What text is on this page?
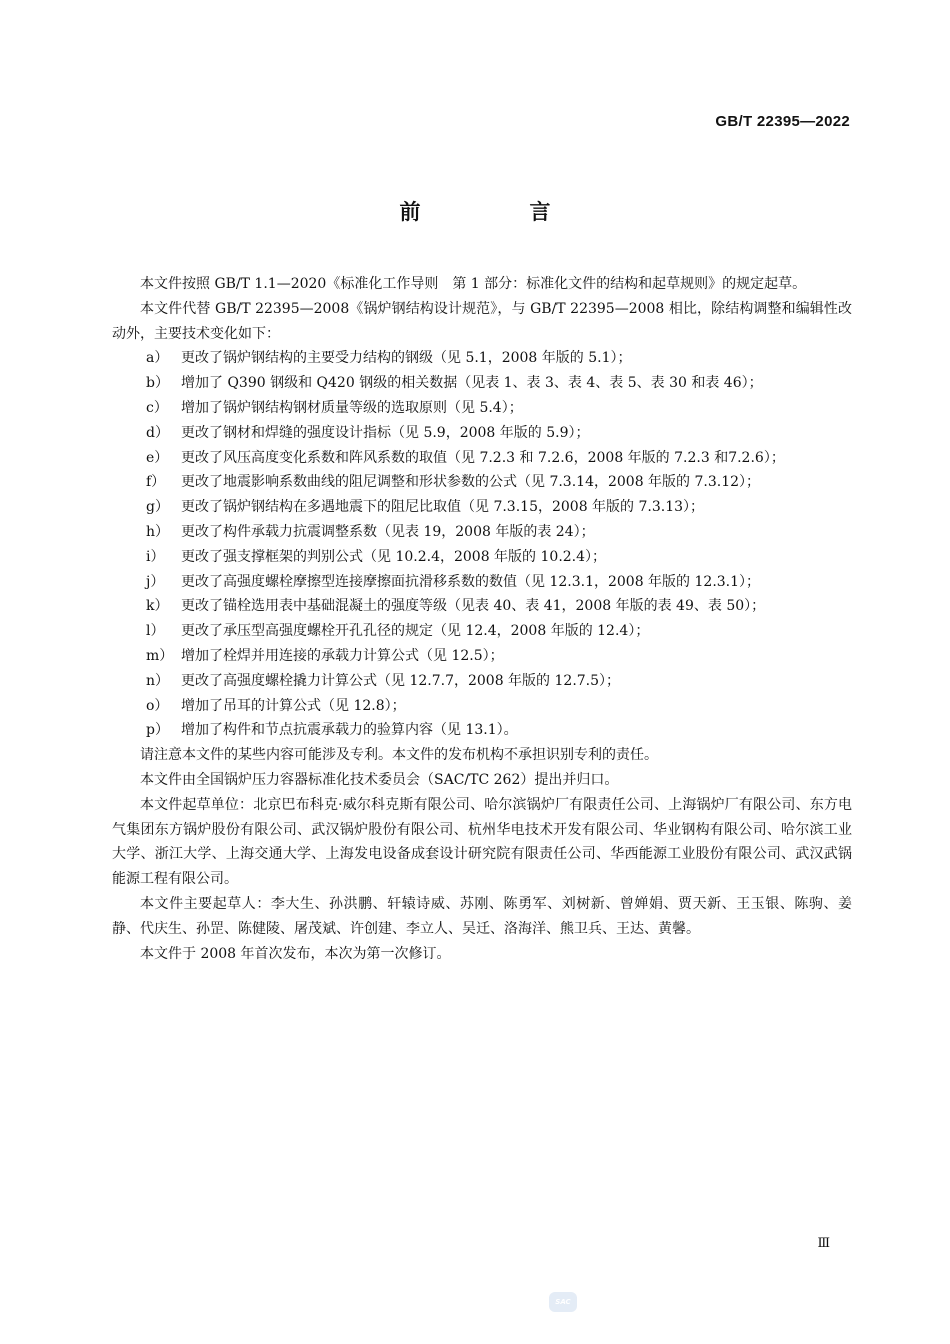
GB/T 22395—2022
前　言

本文件按照 GB/T 1.1—2020《标准化工作导则　第 1 部分：标准化文件的结构和起草规则》的规定起草。

本文件代替 GB/T 22395—2008《锅炉钢结构设计规范》，与 GB/T 22395—2008 相比，除结构调整和编辑性改动外，主要技术变化如下：

a） 更改了锅炉钢结构的主要受力结构的钢级（见 5.1，2008 年版的 5.1）；
b） 增加了 Q390 钢级和 Q420 钢级的相关数据（见表 1、表 3、表 4、表 5、表 30 和表 46）；
c） 增加了锅炉钢结构钢材质量等级的选取原则（见 5.4）；
d） 更改了钢材和焊缝的强度设计指标（见 5.9，2008 年版的 5.9）；
e） 更改了风压高度变化系数和阵风系数的取值（见 7.2.3 和 7.2.6，2008 年版的 7.2.3 和7.2.6）；
f） 更改了地震影响系数曲线的阻尼调整和形状参数的公式（见 7.3.14，2008 年版的 7.3.12）；
g） 更改了锅炉钢结构在多遇地震下的阻尼比取值（见 7.3.15，2008 年版的 7.3.13）；
h） 更改了构件承载力抗震调整系数（见表 19，2008 年版的表 24）；
i） 更改了强支撑框架的判别公式（见 10.2.4，2008 年版的 10.2.4）；
j） 更改了高强度螺栓摩擦型连接摩擦面抗滑移系数的数值（见 12.3.1，2008 年版的 12.3.1）；
k） 更改了锚栓选用表中基础混凝土的强度等级（见表 40、表 41，2008 年版的表 49、表 50）；
l） 更改了承压型高强度螺栓开孔孔径的规定（见 12.4，2008 年版的 12.4）；
m） 增加了栓焊并用连接的承载力计算公式（见 12.5）；
n） 更改了高强度螺栓撬力计算公式（见 12.7.7，2008 年版的 12.7.5）；
o） 增加了吊耳的计算公式（见 12.8）；
p） 增加了构件和节点抗震承载力的验算内容（见 13.1）。

请注意本文件的某些内容可能涉及专利。本文件的发布机构不承担识别专利的责任。

本文件由全国锅炉压力容器标准化技术委员会（SAC/TC 262）提出并归口。

本文件起草单位：北京巴布科克·威尔科克斯有限公司、哈尔滨锅炉厂有限责任公司、上海锅炉厂有限公司、东方电气集团东方锅炉股份有限公司、武汉锅炉股份有限公司、杭州华电技术开发有限公司、华业钢构有限公司、哈尔滨工业大学、浙江大学、上海交通大学、上海发电设备成套设计研究院有限责任公司、华西能源工业股份有限公司、武汉武锅能源工程有限公司。

本文件主要起草人：李大生、孙洪鹏、轩辕诗威、苏刚、陈勇军、刘树新、曾婵娟、贾天新、王玉银、陈驹、姜静、代庆生、孙罡、陈健陵、屠茂斌、许创建、李立人、吴迁、洛海洋、熊卫兵、王达、黄馨。

本文件于 2008 年首次发布，本次为第一次修订。

Ⅲ
SAC
